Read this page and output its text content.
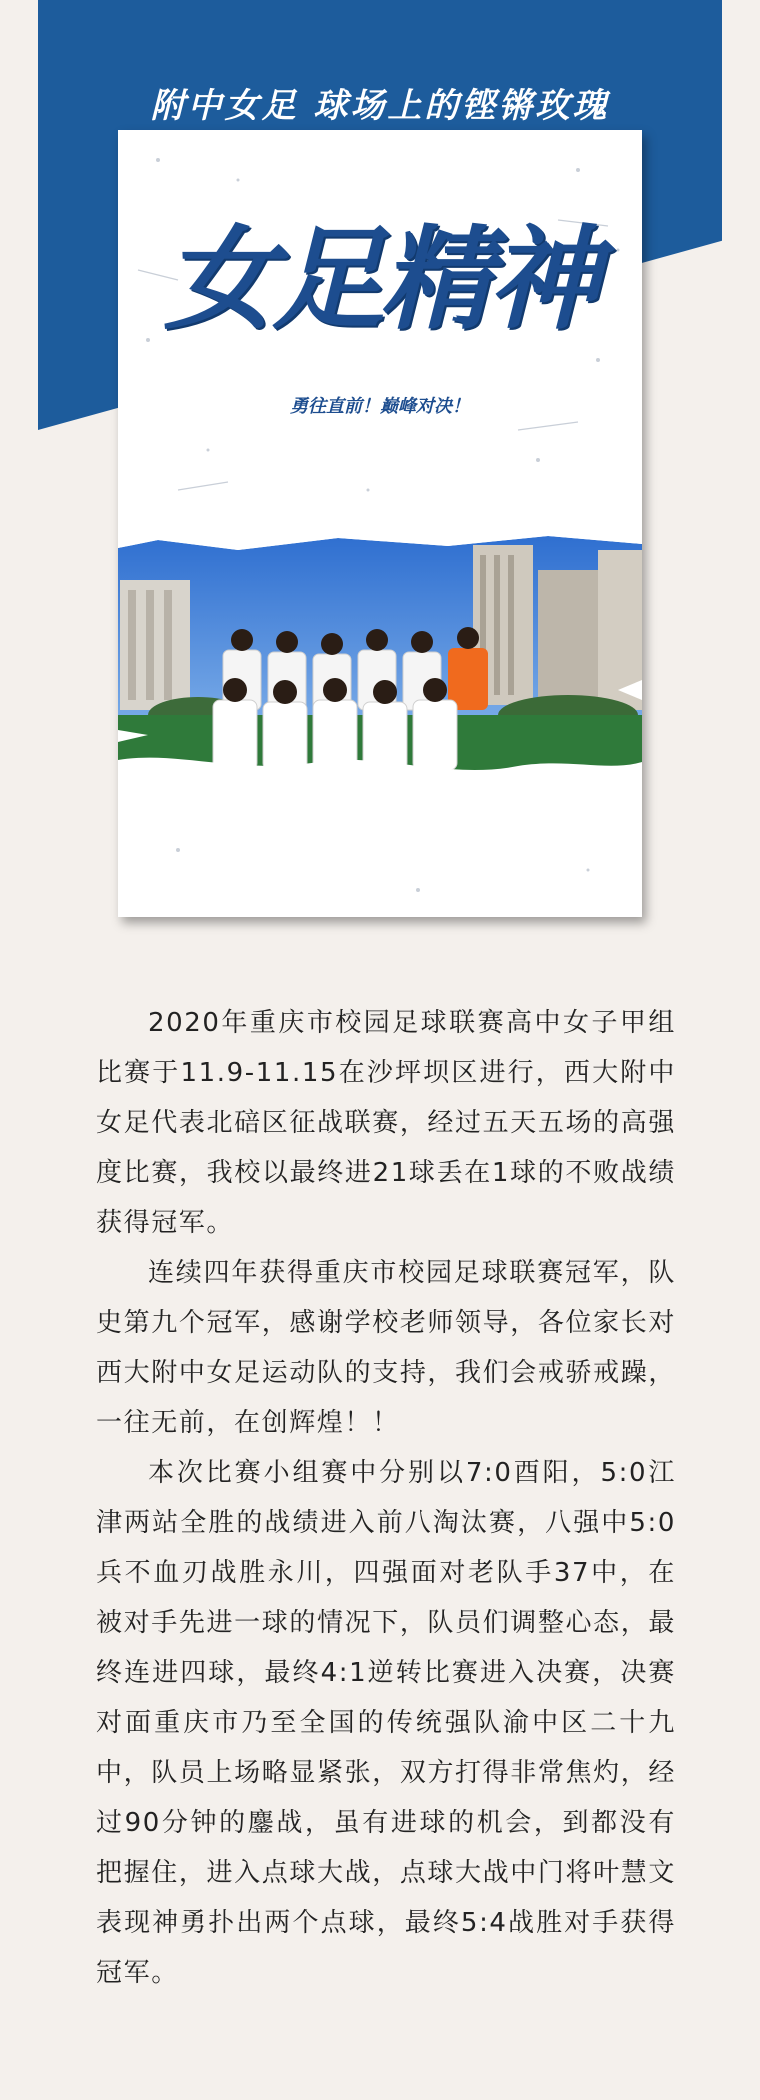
附中女足 球场上的铿锵玫瑰
女足精神
勇往直前！巅峰对决！

2020年重庆市校园足球联赛高中女子甲组比赛于11.9-11.15在沙坪坝区进行，西大附中女足代表北碚区征战联赛，经过五天五场的高强度比赛，我校以最终进21球丢在1球的不败战绩获得冠军。

连续四年获得重庆市校园足球联赛冠军，队史第九个冠军，感谢学校老师领导，各位家长对西大附中女足运动队的支持，我们会戒骄戒躁，一往无前，在创辉煌！！

本次比赛小组赛中分别以7:0酉阳，5:0江津两站全胜的战绩进入前八淘汰赛，八强中5:0兵不血刃战胜永川，四强面对老队手37中，在被对手先进一球的情况下，队员们调整心态，最终连进四球，最终4:1逆转比赛进入决赛，决赛对面重庆市乃至全国的传统强队渝中区二十九中，队员上场略显紧张，双方打得非常焦灼，经过90分钟的鏖战，虽有进球的机会，到都没有把握住，进入点球大战，点球大战中门将叶慧文表现神勇扑出两个点球，最终5:4战胜对手获得冠军。
